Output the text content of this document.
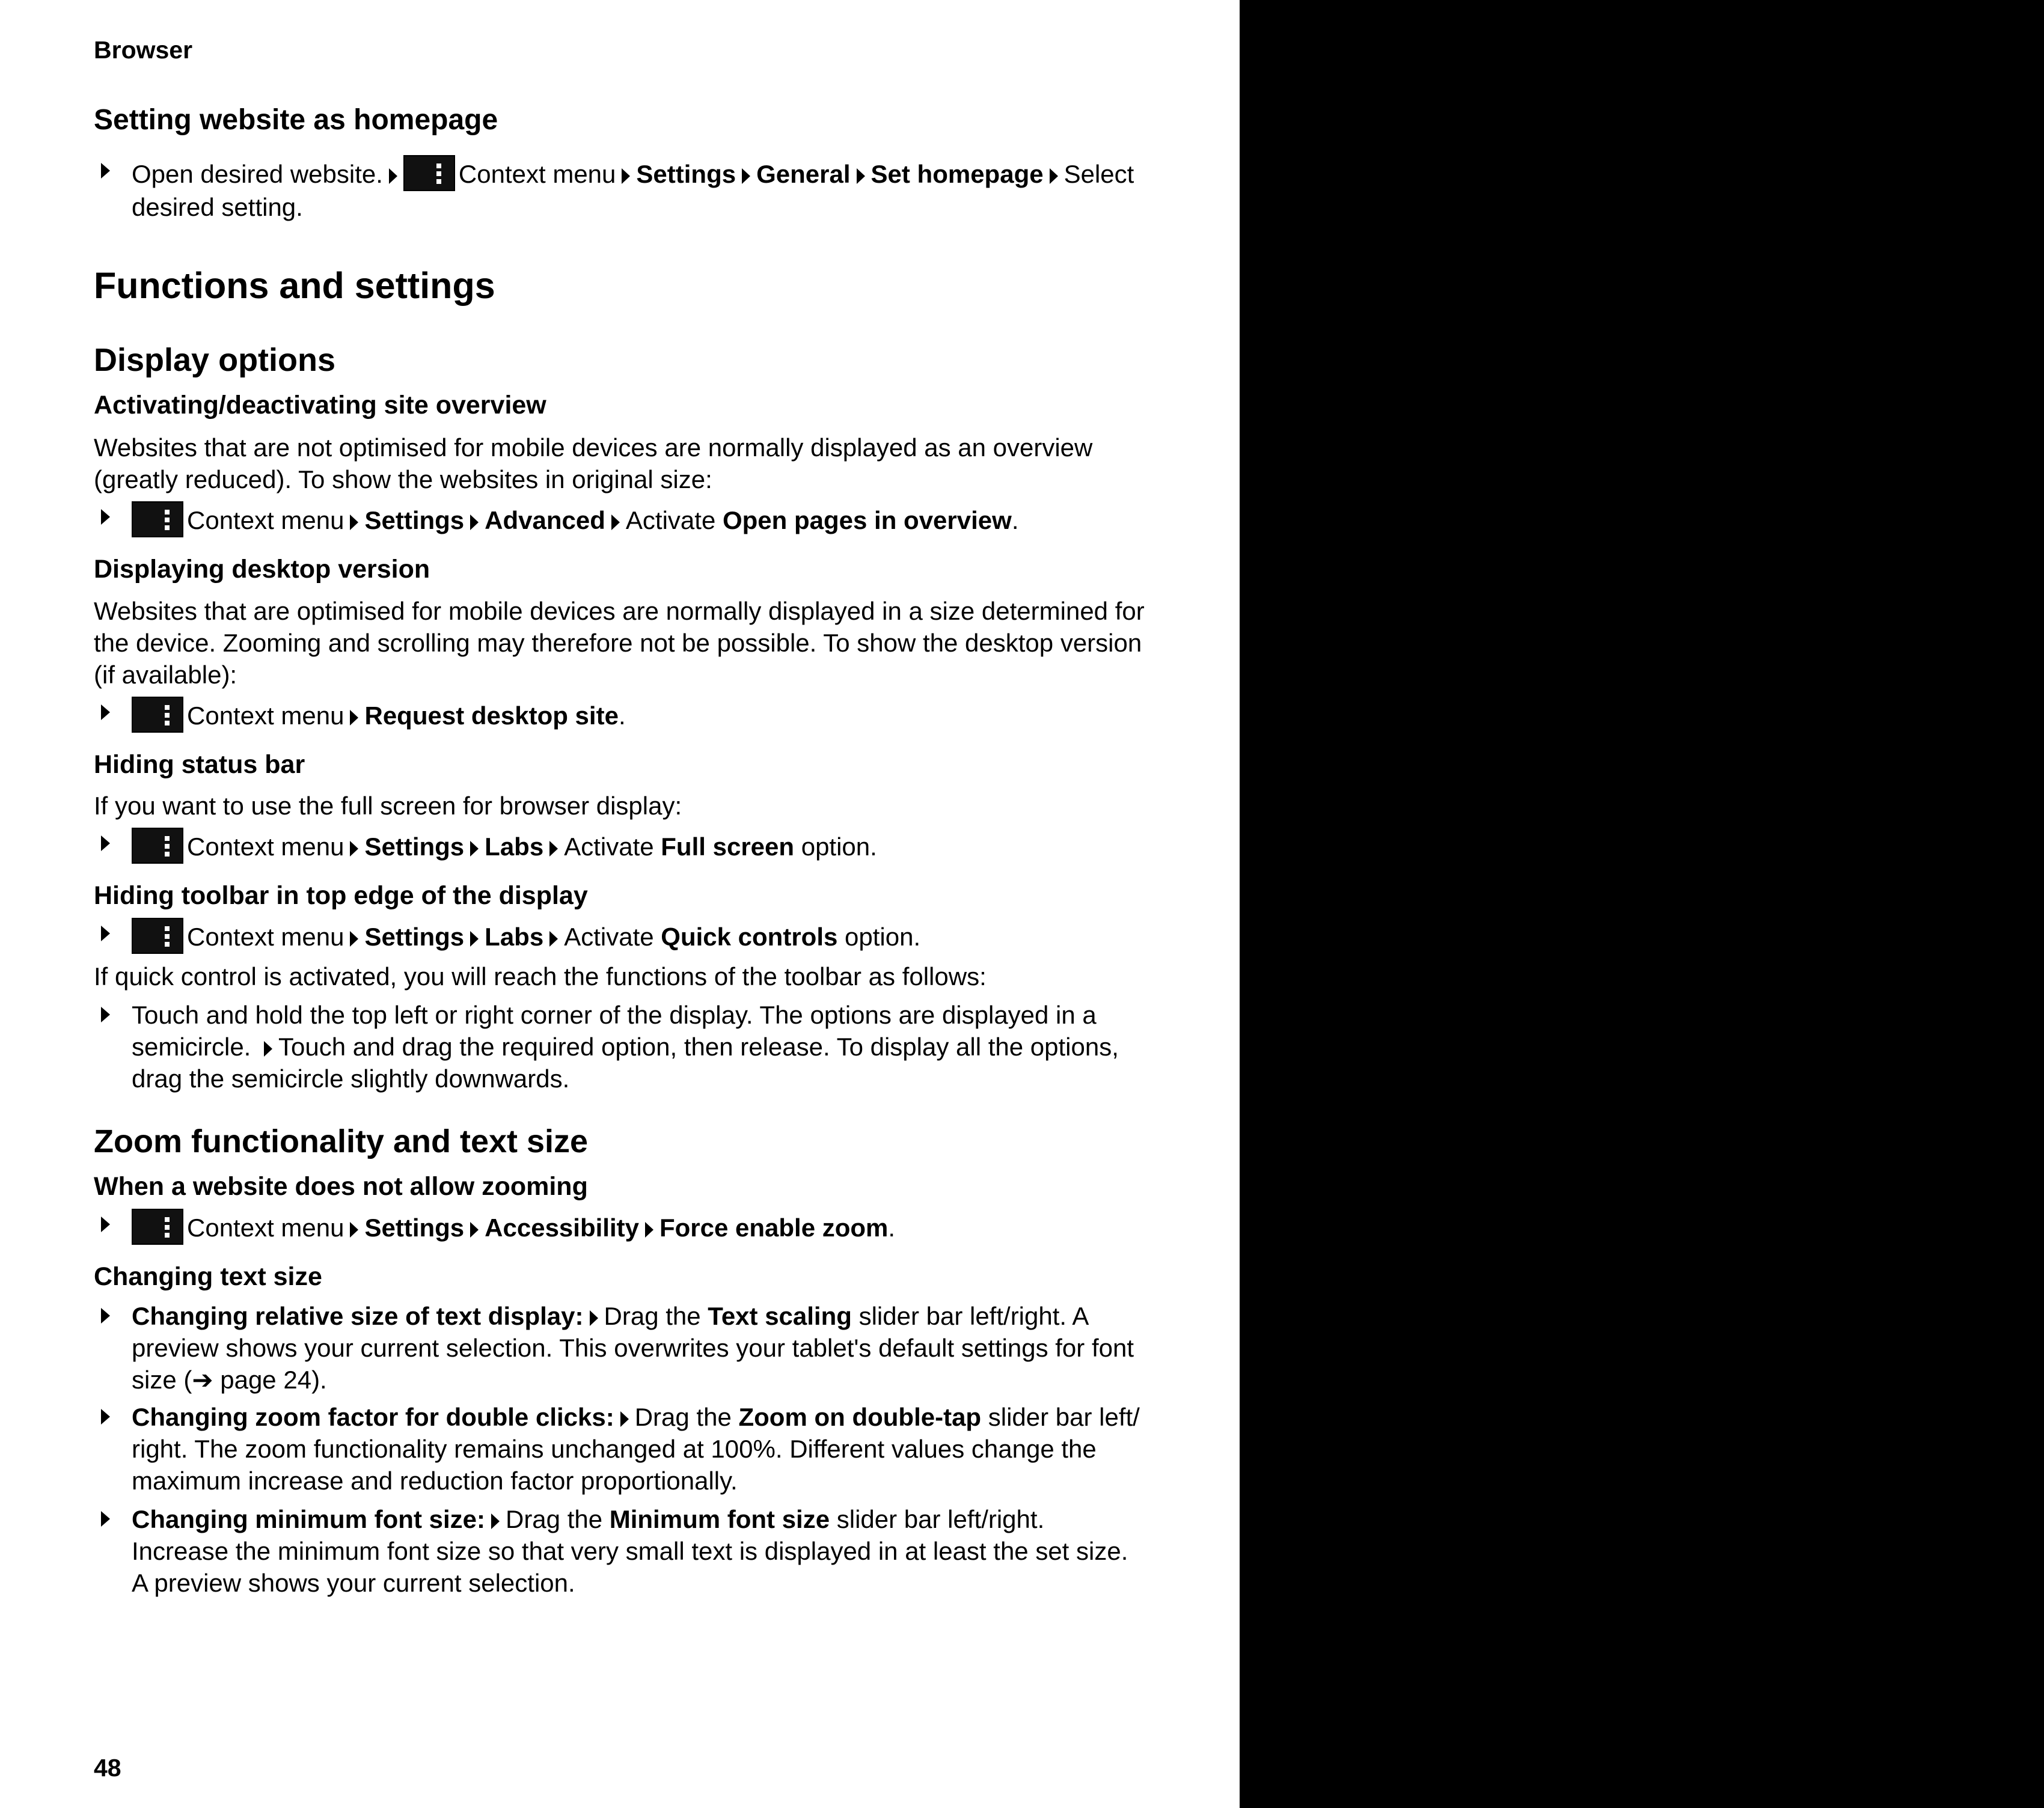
Browser
Setting website as homepage
Open desired website.	Context menu Settings General Set homepage Select desired setting.
Functions and settings
Display options
Activating/deactivating site overview
Websites that are not optimised for mobile devices are normally displayed as an overview (greatly reduced). To show the websites in original size:
Context menu Settings Advanced Activate Open pages in overview.
Displaying desktop version
Websites that are optimised for mobile devices are normally displayed in a size determined for the device. Zooming and scrolling may therefore not be possible. To show the desktop version (if available):
Context menu Request desktop site.
Hiding status bar
If you want to use the full screen for browser display:
Context menu Settings Labs Activate Full screen option.
Hiding toolbar in top edge of the display
Context menu Settings Labs Activate Quick controls option.
If quick control is activated, you will reach the functions of the toolbar as follows:
Touch and hold the top left or right corner of the display. The options are displayed in a semicircle. Touch and drag the required option, then release. To display all the options, drag the semicircle slightly downwards.
Zoom functionality and text size
When a website does not allow zooming
Context menu Settings Accessibility Force enable zoom.
Changing text size
Changing relative size of text display: Drag the Text scaling slider bar left/right. A preview shows your current selection. This overwrites your tablet's default settings for font size (➔ page 24).
Changing zoom factor for double clicks: Drag the Zoom on double-tap slider bar left/ right. The zoom functionality remains unchanged at 100%. Different values change the maximum increase and reduction factor proportionally.
Changing minimum font size: Drag the Minimum font size slider bar left/right. Increase the minimum font size so that very small text is displayed in at least the set size. A preview shows your current selection.
48
